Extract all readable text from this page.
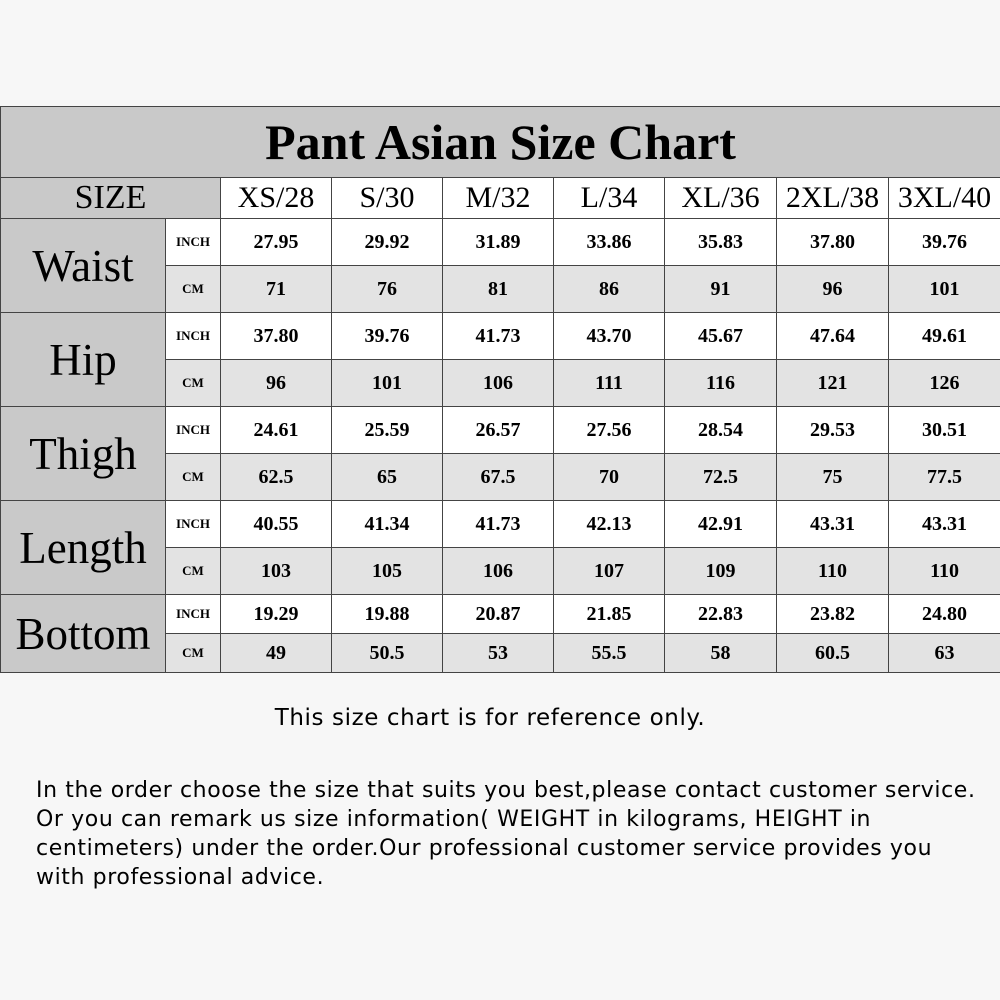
Pant Asian Size Chart								
SIZE		XS/28	S/30	M/32	L/34	XL/36	2XL/38	3XL/40
Waist	INCH	27.95	29.92	31.89	33.86	35.83	37.80	39.76
	CM	71	76	81	86	91	96	101
Hip	INCH	37.80	39.76	41.73	43.70	45.67	47.64	49.61
	CM	96	101	106	111	116	121	126
Thigh	INCH	24.61	25.59	26.57	27.56	28.54	29.53	30.51
	CM	62.5	65	67.5	70	72.5	75	77.5
Length	INCH	40.55	41.34	41.73	42.13	42.91	43.31	43.31
	CM	103	105	106	107	109	110	110
Bottom	INCH	19.29	19.88	20.87	21.85	22.83	23.82	24.80
	CM	49	50.5	53	55.5	58	60.5	63
This size chart is for reference only.

In the order choose the size that suits you best,please contact customer service. Or you can remark us size information( WEIGHT in kilograms, HEIGHT in centimeters) under the order.Our professional customer service provides you with professional advice.
